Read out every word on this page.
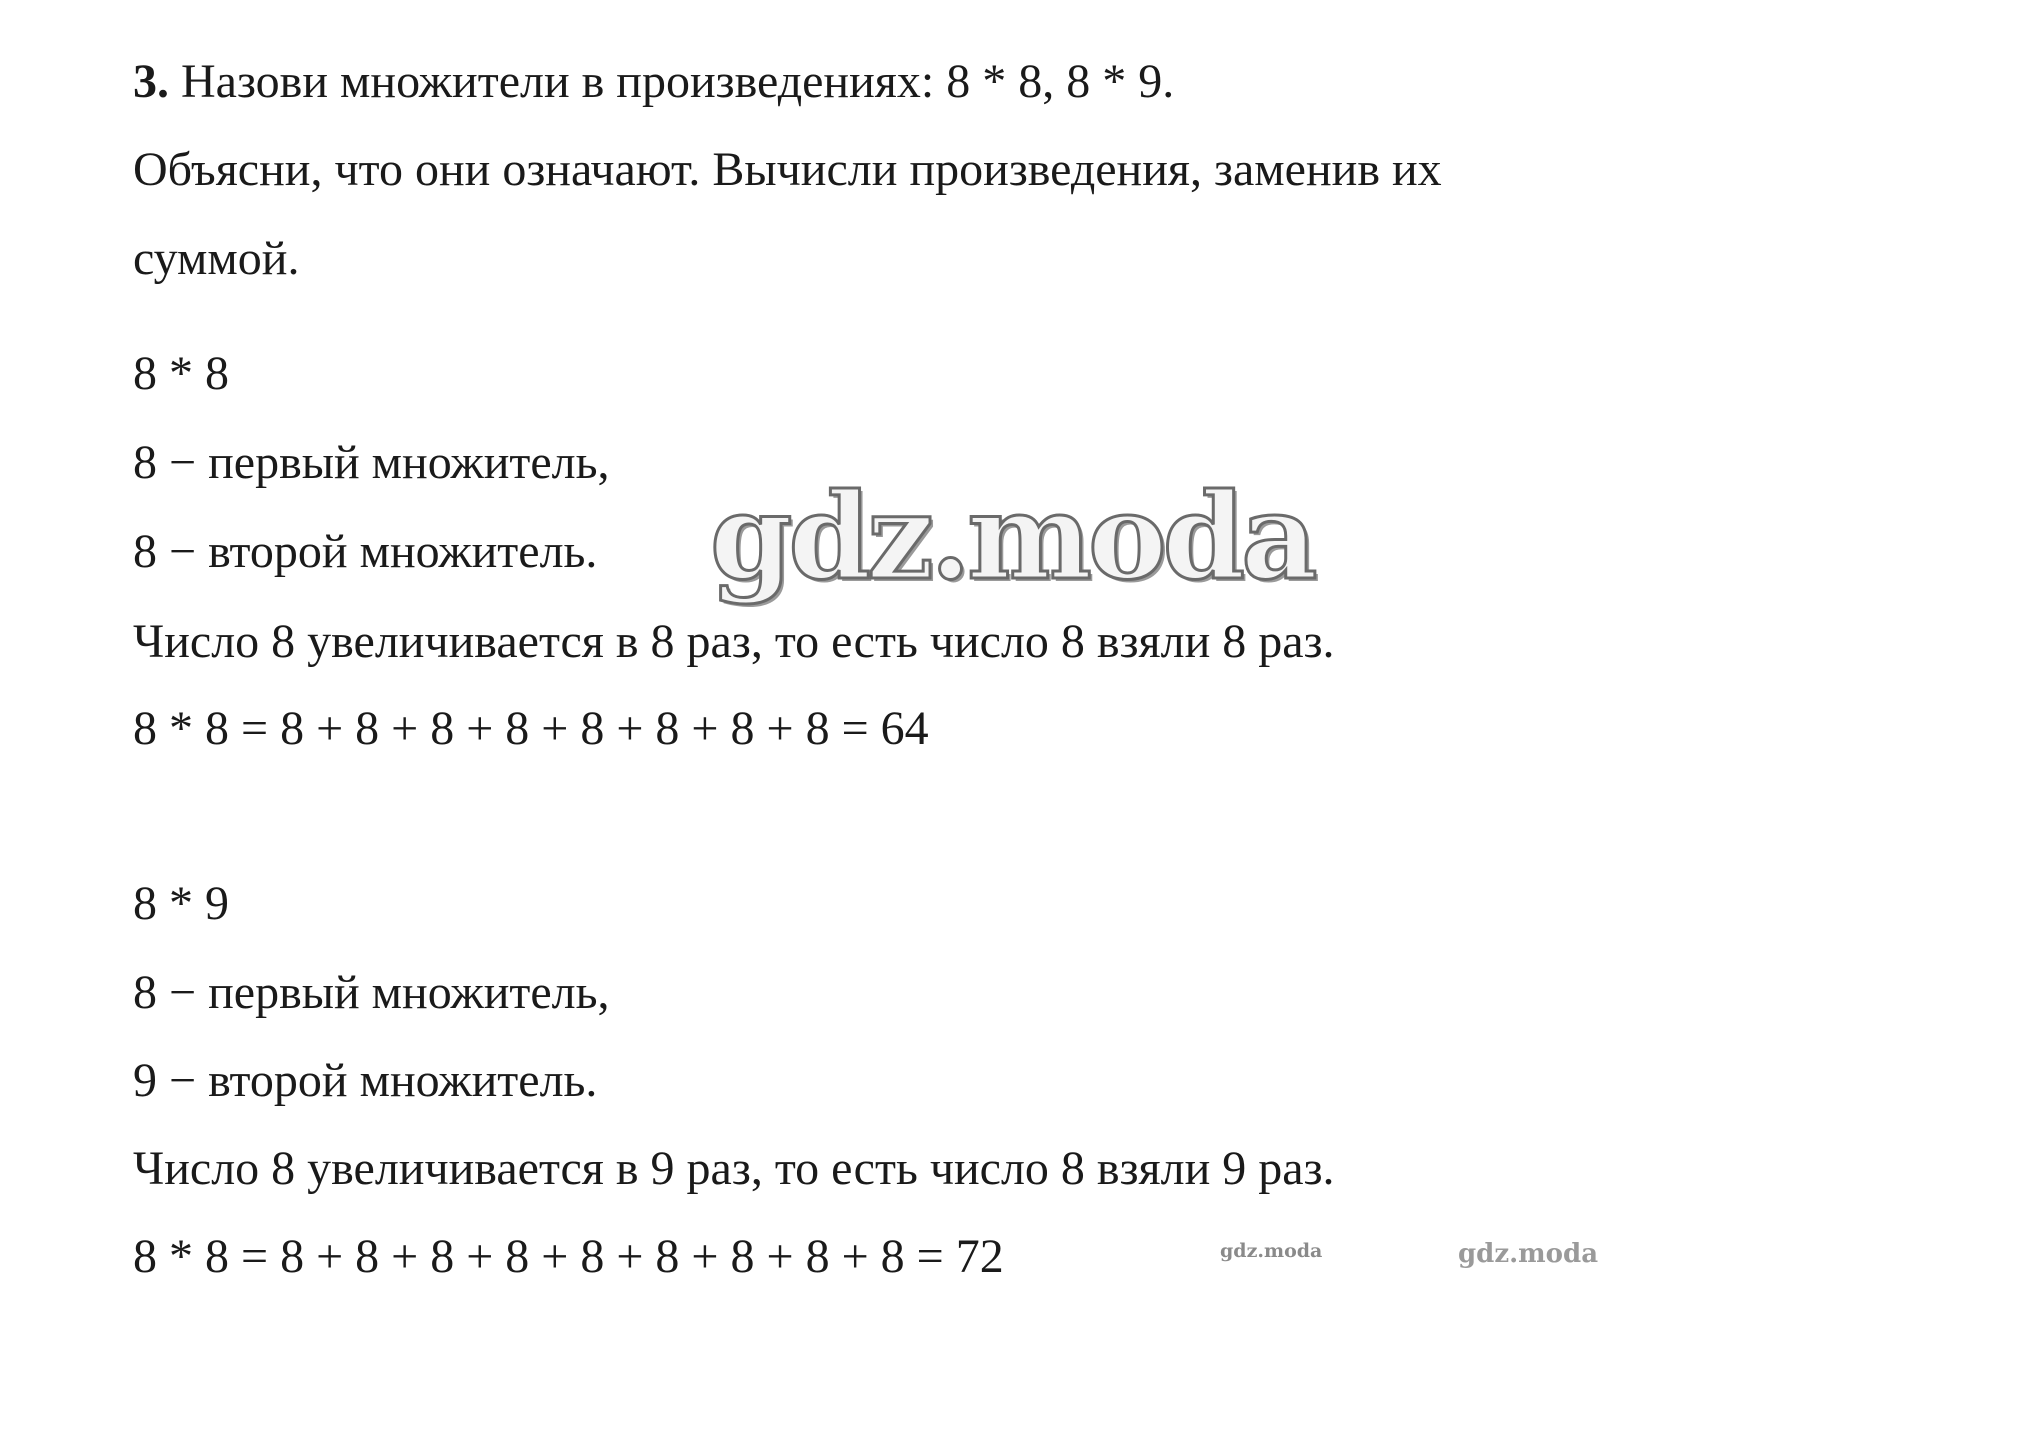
3. Назови множители в произведениях: 8 * 8, 8 * 9.
Объясни, что они означают. Вычисли произведения, заменив их
суммой.
8 * 8
8 − первый множитель,
8 − второй множитель.
Число 8 увеличивается в 8 раз, то есть число 8 взяли 8 раз.
8 * 8 = 8 + 8 + 8 + 8 + 8 + 8 + 8 + 8 = 64
8 * 9
8 − первый множитель,
9 − второй множитель.
Число 8 увеличивается в 9 раз, то есть число 8 взяли 9 раз.
8 * 8 = 8 + 8 + 8 + 8 + 8 + 8 + 8 + 8 + 8 = 72
gdz.moda
gdz.moda	gdz.moda
